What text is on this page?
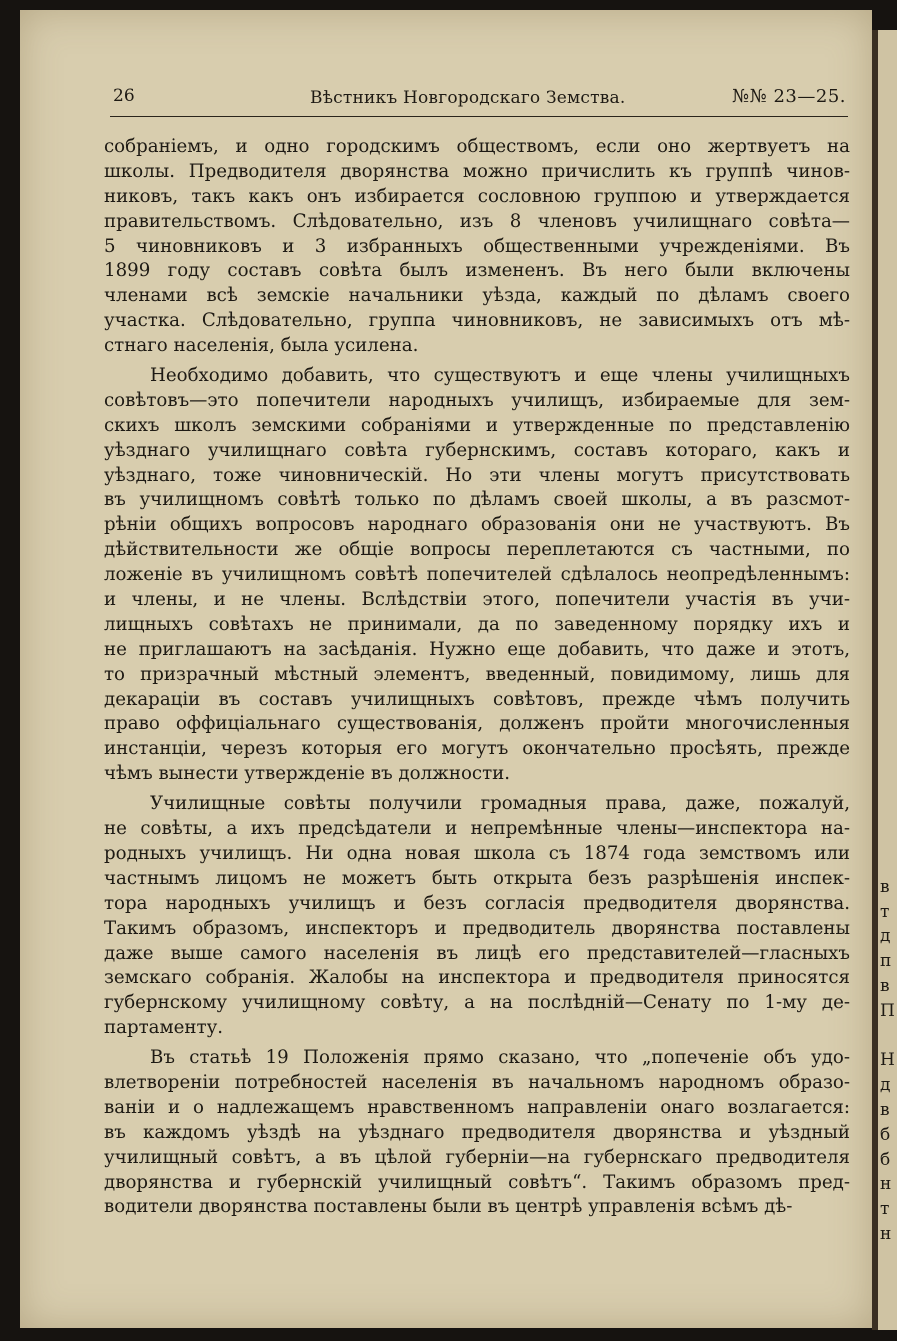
в
т
д
п
в
П
Н
д
в
б
б
н
т
н
26	Вѣстникъ Новгородскаго Земства.	№№ 23—25.
собраніемъ, и одно городскимъ обществомъ, если оно жертвуетъ на
школы. Предводителя дворянства можно причислить къ группѣ чинов-
никовъ, такъ какъ онъ избирается сословною группою и утверждается
правительствомъ. Слѣдовательно, изъ 8 членовъ училищнаго совѣта—
5 чиновниковъ и 3 избранныхъ общественными учрежденіями. Въ
1899 году составъ совѣта былъ измененъ. Въ него были включены
членами всѣ земскіе начальники уѣзда, каждый по дѣламъ своего
участка. Слѣдовательно, группа чиновниковъ, не зависимыхъ отъ мѣ-
стнаго населенія, была усилена.
Необходимо добавить, что существуютъ и еще члены училищныхъ
совѣтовъ—это попечители народныхъ училищъ, избираемые для зем-
скихъ школъ земскими собраніями и утвержденные по представленію
уѣзднаго училищнаго совѣта губернскимъ, составъ котораго, какъ и
уѣзднаго, тоже чиновническій. Но эти члены могутъ присутствовать
въ училищномъ совѣтѣ только по дѣламъ своей школы, а въ разсмот-
рѣніи общихъ вопросовъ народнаго образованія они не участвуютъ. Въ
дѣйствительности же общіе вопросы переплетаются съ частными, по
ложеніе въ училищномъ совѣтѣ попечителей сдѣлалось неопредѣленнымъ:
и члены, и не члены. Вслѣдствіи этого, попечители участія въ учи-
лищныхъ совѣтахъ не принимали, да по заведенному порядку ихъ и
не приглашаютъ на засѣданія. Нужно еще добавить, что даже и этотъ,
то призрачный мѣстный элементъ, введенный, повидимому, лишь для
декараціи въ составъ училищныхъ совѣтовъ, прежде чѣмъ получить
право оффиціальнаго существованія, долженъ пройти многочисленныя
инстанціи, черезъ которыя его могутъ окончательно просѣять, прежде
чѣмъ вынести утвержденіе въ должности.
Училищные совѣты получили громадныя права, даже, пожалуй,
не совѣты, а ихъ предсѣдатели и непремѣнные члены—инспектора на-
родныхъ училищъ. Ни одна новая школа съ 1874 года земствомъ или
частнымъ лицомъ не можетъ быть открыта безъ разрѣшенія инспек-
тора народныхъ училищъ и безъ согласія предводителя дворянства.
Такимъ образомъ, инспекторъ и предводитель дворянства поставлены
даже выше самого населенія въ лицѣ его представителей—гласныхъ
земскаго собранія. Жалобы на инспектора и предводителя приносятся
губернскому училищному совѣту, а на послѣдній—Сенату по 1-му де-
партаменту.
Въ статьѣ 19 Положенія прямо сказано, что „попеченіе объ удо-
влетвореніи потребностей населенія въ начальномъ народномъ образо-
ваніи и о надлежащемъ нравственномъ направленіи онаго возлагается:
въ каждомъ уѣздѣ на уѣзднаго предводителя дворянства и уѣздный
училищный совѣтъ, а въ цѣлой губерніи—на губернскаго предводителя
дворянства и губернскій училищный совѣтъ“. Такимъ образомъ пред-
водители дворянства поставлены были въ центрѣ управленія всѣмъ дѣ-
